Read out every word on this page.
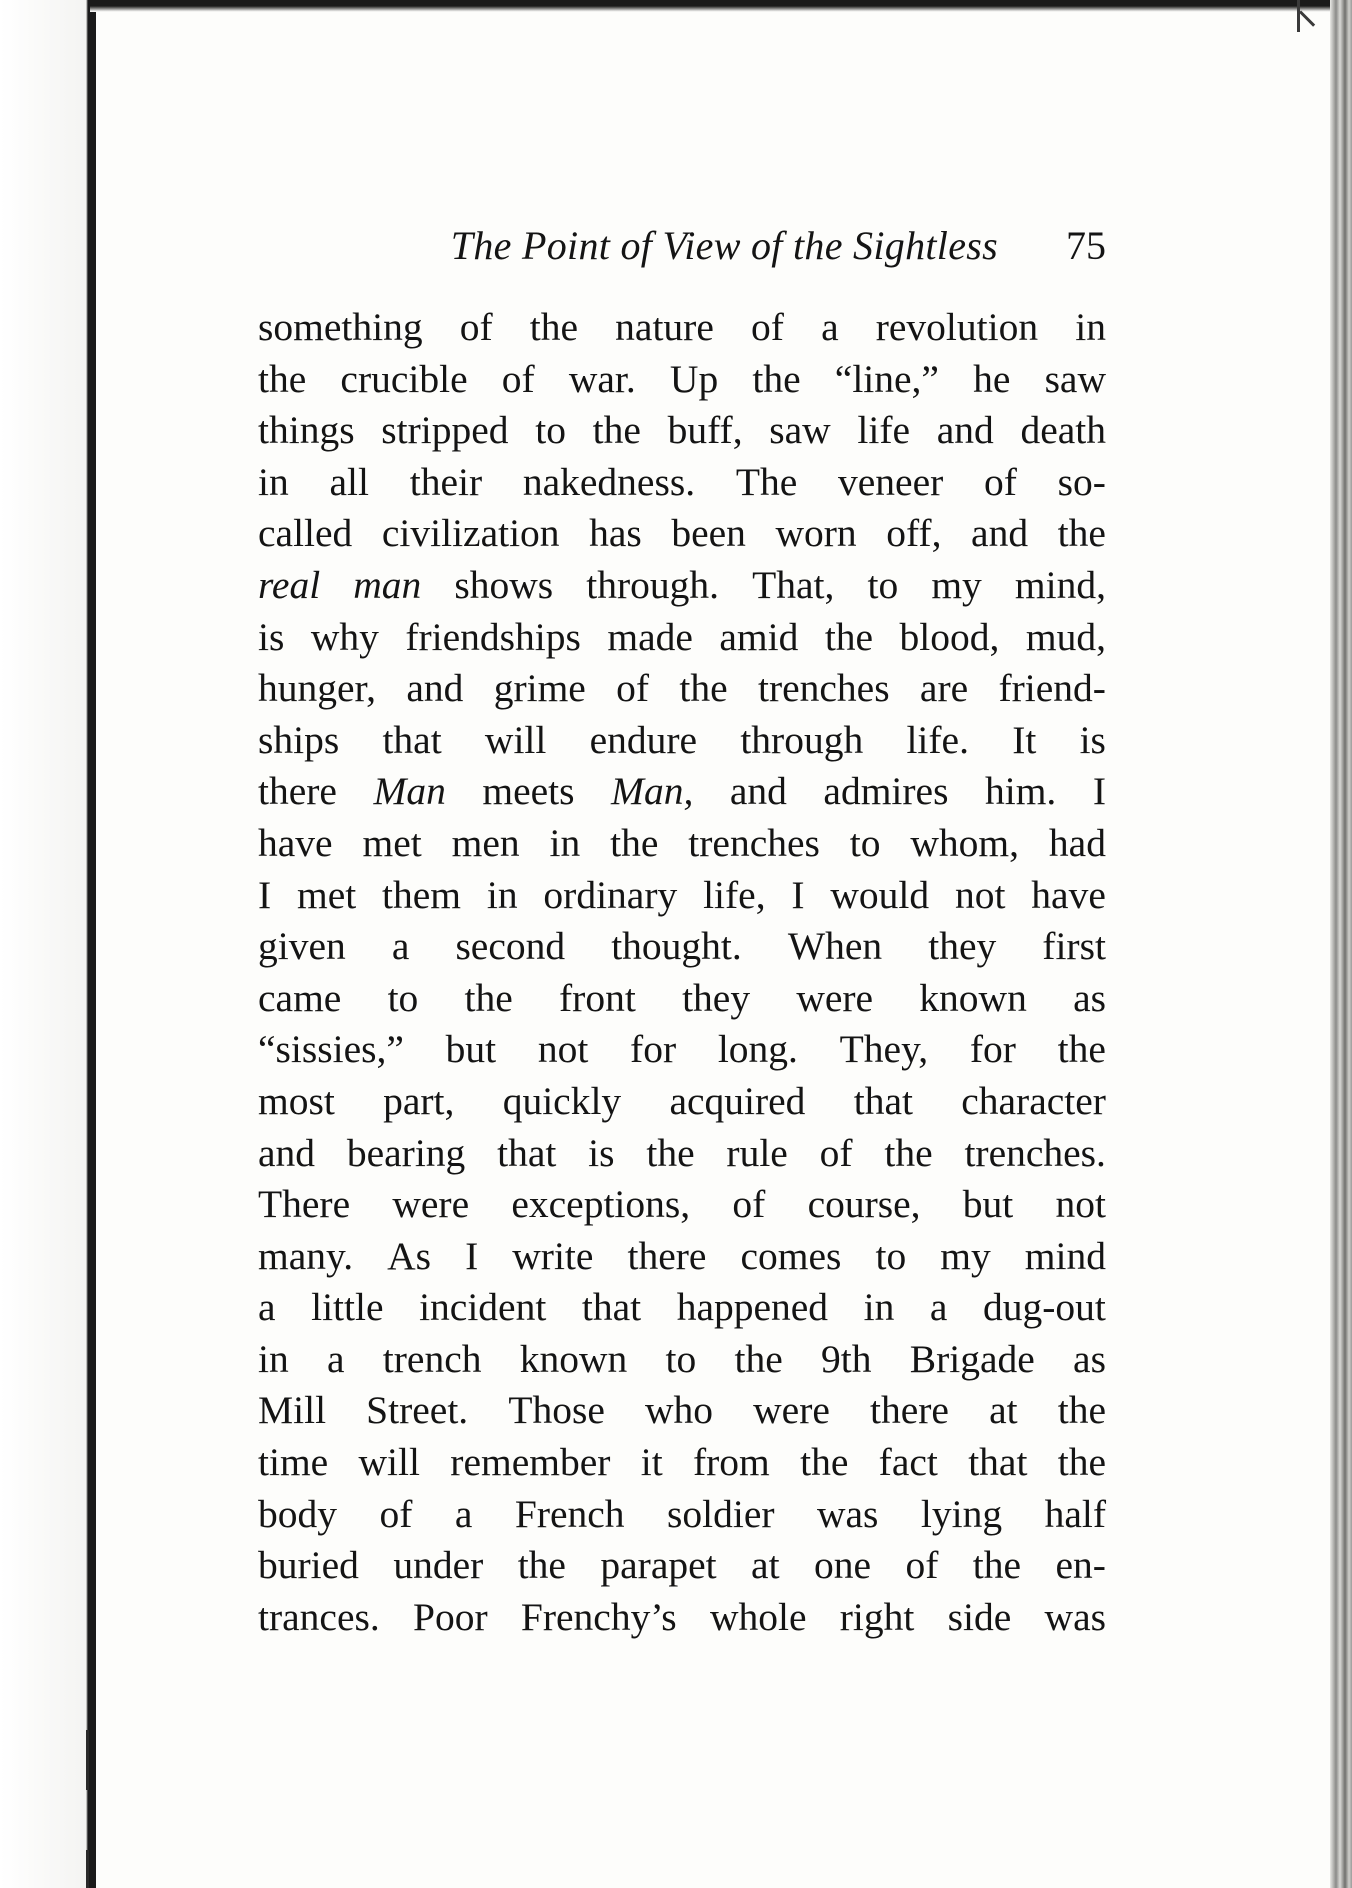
The Point of View of the Sightless 75
something of the nature of a revolution in
the crucible of war. Up the “line,” he saw
things stripped to the buff, saw life and death
in all their nakedness. The veneer of so-
called civilization has been worn off, and the
real man shows through. That, to my mind,
is why friendships made amid the blood, mud,
hunger, and grime of the trenches are friend-
ships that will endure through life. It is
there Man meets Man, and admires him. I
have met men in the trenches to whom, had
I met them in ordinary life, I would not have
given a second thought. When they first
came to the front they were known as
“sissies,” but not for long. They, for the
most part, quickly acquired that character
and bearing that is the rule of the trenches.
There were exceptions, of course, but not
many. As I write there comes to my mind
a little incident that happened in a dug-out
in a trench known to the 9th Brigade as
Mill Street. Those who were there at the
time will remember it from the fact that the
body of a French soldier was lying half
buried under the parapet at one of the en-
trances. Poor Frenchy’s whole right side was
